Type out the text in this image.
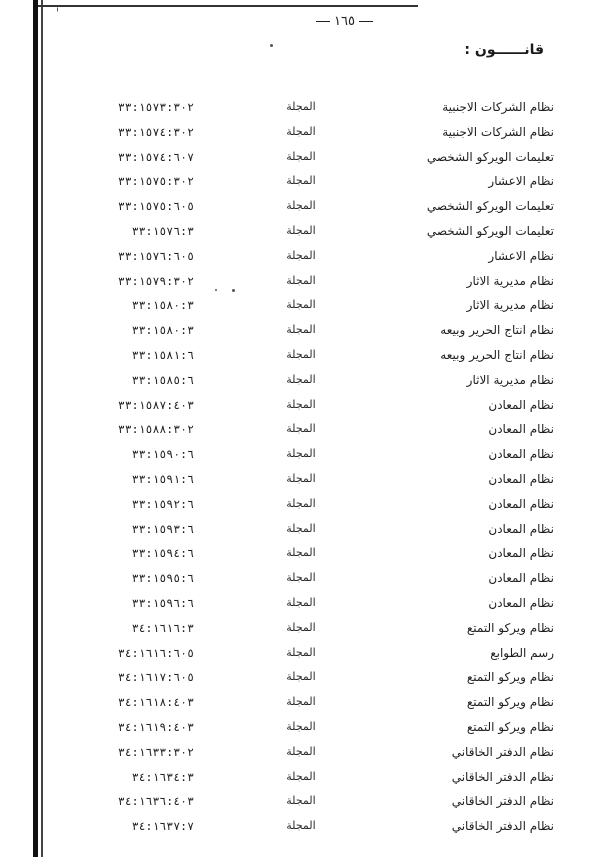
١٦٥
قانــــــون :
نظام الشركات الاجنبية
المجلة
٣٣:١٥٧٣:٣٠٢
نظام الشركات الاجنبية
المجلة
٣٣:١٥٧٤:٣٠٢
تعليمات الويركو الشخصي
المجلة
٣٣:١٥٧٤:٦٠٧
نظام الاعشار
المجلة
٣٣:١٥٧٥:٣٠٢
تعليمات الويركو الشخصي
المجلة
٣٣:١٥٧٥:٦٠٥
تعليمات الويركو الشخصي
المجلة
٣٣:١٥٧٦:٣
نظام الاعشار
المجلة
٣٣:١٥٧٦:٦٠٥
نظام مديرية الاثار
المجلة
٣٣:١٥٧٩:٣٠٢
نظام مديرية الاثار
المجلة
٣٣:١٥٨٠:٣
نظام انتاج الحرير وبيعه
المجلة
٣٣:١٥٨٠:٣
نظام انتاج الحرير وبيعه
المجلة
٣٣:١٥٨١:٦
نظام مديرية الاثار
المجلة
٣٣:١٥٨٥:٦
نظام المعادن
المجلة
٣٣:١٥٨٧:٤٠٣
نظام المعادن
المجلة
٣٣:١٥٨٨:٣٠٢
نظام المعادن
المجلة
٣٣:١٥٩٠:٦
نظام المعادن
المجلة
٣٣:١٥٩١:٦
نظام المعادن
المجلة
٣٣:١٥٩٢:٦
نظام المعادن
المجلة
٣٣:١٥٩٣:٦
نظام المعادن
المجلة
٣٣:١٥٩٤:٦
نظام المعادن
المجلة
٣٣:١٥٩٥:٦
نظام المعادن
المجلة
٣٣:١٥٩٦:٦
نظام ويركو التمتع
المجلة
٣٤:١٦١٦:٣
رسم الطوابع
المجلة
٣٤:١٦١٦:٦٠٥
نظام ويركو التمتع
المجلة
٣٤:١٦١٧:٦٠٥
نظام ويركو التمتع
المجلة
٣٤:١٦١٨:٤٠٣
نظام ويركو التمتع
المجلة
٣٤:١٦١٩:٤٠٣
نظام الدفتر الخاقاني
المجلة
٣٤:١٦٣٣:٣٠٢
نظام الدفتر الخاقاني
المجلة
٣٤:١٦٣٤:٣
نظام الدفتر الخاقاني
المجلة
٣٤:١٦٣٦:٤٠٣
نظام الدفتر الخاقاني
المجلة
٣٤:١٦٣٧:٧
